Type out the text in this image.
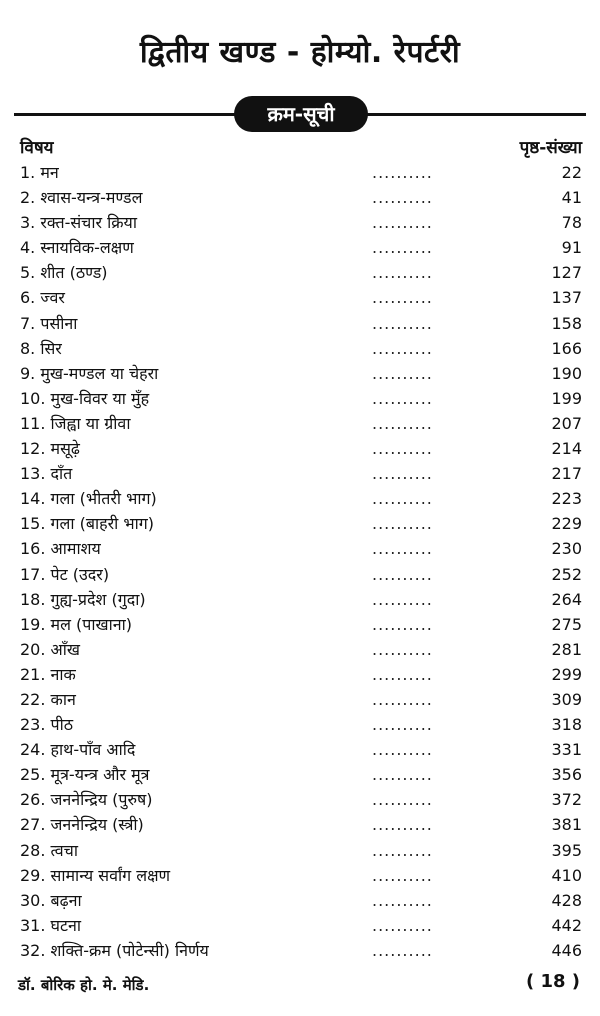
द्वितीय खण्ड - होम्यो. रेपर्टरी
क्रम-सूची
विषय	पृष्ठ-संख्या
1. मन	..........	22
2. श्वास-यन्त्र-मण्डल	..........	41
3. रक्त-संचार क्रिया	..........	78
4. स्नायविक-लक्षण	..........	91
5. शीत (ठण्ड)	..........	127
6. ज्वर	..........	137
7. पसीना	..........	158
8. सिर	..........	166
9. मुख-मण्डल या चेहरा	..........	190
10. मुख-विवर या मुँह	..........	199
11. जिह्वा या ग्रीवा	..........	207
12. मसूढ़े	..........	214
13. दाँत	..........	217
14. गला (भीतरी भाग)	..........	223
15. गला (बाहरी भाग)	..........	229
16. आमाशय	..........	230
17. पेट (उदर)	..........	252
18. गुह्य-प्रदेश (गुदा)	..........	264
19. मल (पाखाना)	..........	275
20. आँख	..........	281
21. नाक	..........	299
22. कान	..........	309
23. पीठ	..........	318
24. हाथ-पाँव आदि	..........	331
25. मूत्र-यन्त्र और मूत्र	..........	356
26. जननेन्द्रिय (पुरुष)	..........	372
27. जननेन्द्रिय (स्त्री)	..........	381
28. त्वचा	..........	395
29. सामान्य सर्वांग लक्षण	..........	410
30. बढ़ना	..........	428
31. घटना	..........	442
32. शक्ति-क्रम (पोटेन्सी) निर्णय	..........	446
डॉ. बोरिक हो. मे. मेडि.	( 18 )
